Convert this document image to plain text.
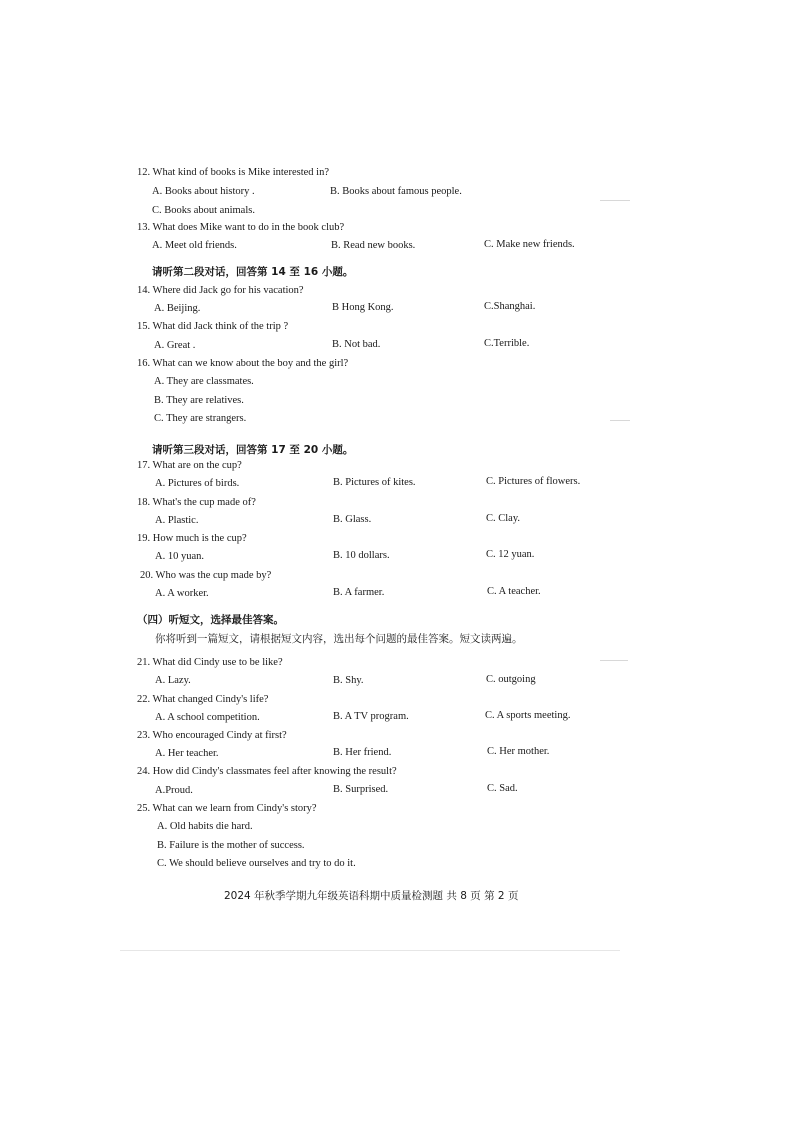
12. What kind of books is Mike interested in?
A. Books about history .	B. Books about famous people.
C. Books about animals.
13. What does Mike want to do in the book club?
A. Meet old friends.	B. Read new books.	C. Make new friends.
请听第二段对话，回答第 14 至 16 小题。
14. Where did Jack go for his vacation?
A. Beijing.	B Hong Kong.	C.Shanghai.
15. What did Jack think of the trip ?
A. Great .	B. Not bad.	C.Terrible.
16. What can we know about the boy and the girl?
A. They are classmates.
B. They are relatives.
C. They are strangers.
请听第三段对话，回答第 17 至 20 小题。
17. What are on the cup?
A. Pictures of birds.	B. Pictures of kites.	C. Pictures of flowers.
18. What's the cup made of?
A. Plastic.	B. Glass.	C. Clay.
19. How much is the cup?
A. 10 yuan.	B. 10 dollars.	C. 12 yuan.
20. Who was the cup made by?
A. A worker.	B. A farmer.	C. A teacher.
（四）听短文，选择最佳答案。
你将听到一篇短文，请根据短文内容，选出每个问题的最佳答案。短文读两遍。
21. What did Cindy use to be like?
A. Lazy.	B. Shy.	C. outgoing
22. What changed Cindy's life?
A. A school competition.	B. A TV program.	C. A sports meeting.
23. Who encouraged Cindy at first?
A. Her teacher.	B. Her friend.	C. Her mother.
24. How did Cindy's classmates feel after knowing the result?
A.Proud.	B. Surprised.	C. Sad.
25. What can we learn from Cindy's story?
A. Old habits die hard.
B. Failure is the mother of success.
C. We should believe ourselves and try to do it.
2024 年秋季学期九年级英语科期中质量检测题 共 8 页 第 2 页
